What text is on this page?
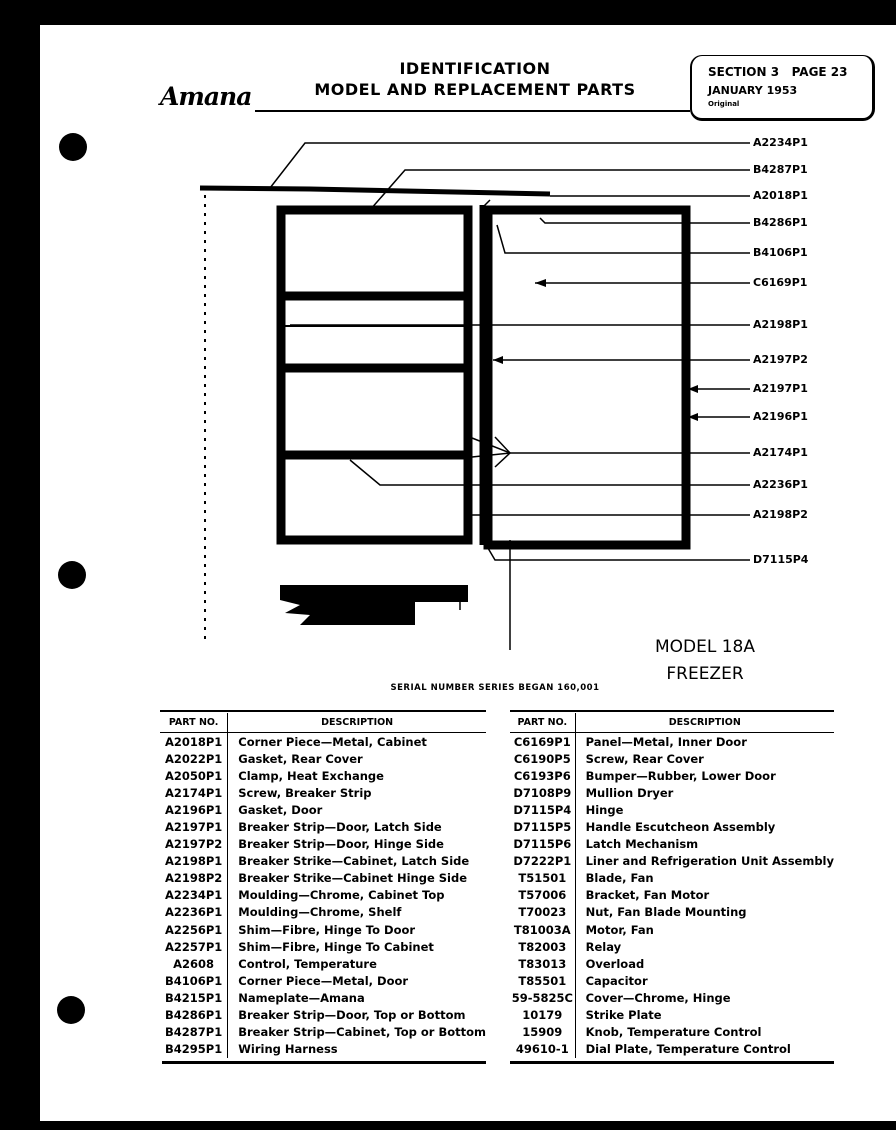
Amana
IDENTIFICATION
MODEL AND REPLACEMENT PARTS
SECTION 3   PAGE 23
JANUARY 1953
Original
A2234P1
B4287P1
A2018P1
B4286P1
B4106P1
C6169P1
A2198P1
A2197P2
A2197P1
A2196P1
A2174P1
A2236P1
A2198P2
D7115P4
MODEL 18A
FREEZER
SERIAL NUMBER SERIES BEGAN 160,001
PART NO.	DESCRIPTION
A2018P1	Corner Piece—Metal, Cabinet
A2022P1	Gasket, Rear Cover
A2050P1	Clamp, Heat Exchange
A2174P1	Screw, Breaker Strip
A2196P1	Gasket, Door
A2197P1	Breaker Strip—Door, Latch Side
A2197P2	Breaker Strip—Door, Hinge Side
A2198P1	Breaker Strike—Cabinet, Latch Side
A2198P2	Breaker Strike—Cabinet Hinge Side
A2234P1	Moulding—Chrome, Cabinet Top
A2236P1	Moulding—Chrome, Shelf
A2256P1	Shim—Fibre, Hinge To Door
A2257P1	Shim—Fibre, Hinge To Cabinet
A2608	Control, Temperature
B4106P1	Corner Piece—Metal, Door
B4215P1	Nameplate—Amana
B4286P1	Breaker Strip—Door, Top or Bottom
B4287P1	Breaker Strip—Cabinet, Top or Bottom
B4295P1	Wiring Harness
PART NO.	DESCRIPTION
C6169P1	Panel—Metal, Inner Door
C6190P5	Screw, Rear Cover
C6193P6	Bumper—Rubber, Lower Door
D7108P9	Mullion Dryer
D7115P4	Hinge
D7115P5	Handle Escutcheon Assembly
D7115P6	Latch Mechanism
D7222P1	Liner and Refrigeration Unit Assembly
T51501	Blade, Fan
T57006	Bracket, Fan Motor
T70023	Nut, Fan Blade Mounting
T81003A	Motor, Fan
T82003	Relay
T83013	Overload
T85501	Capacitor
59-5825C	Cover—Chrome, Hinge
10179	Strike Plate
15909	Knob, Temperature Control
49610-1	Dial Plate, Temperature Control
